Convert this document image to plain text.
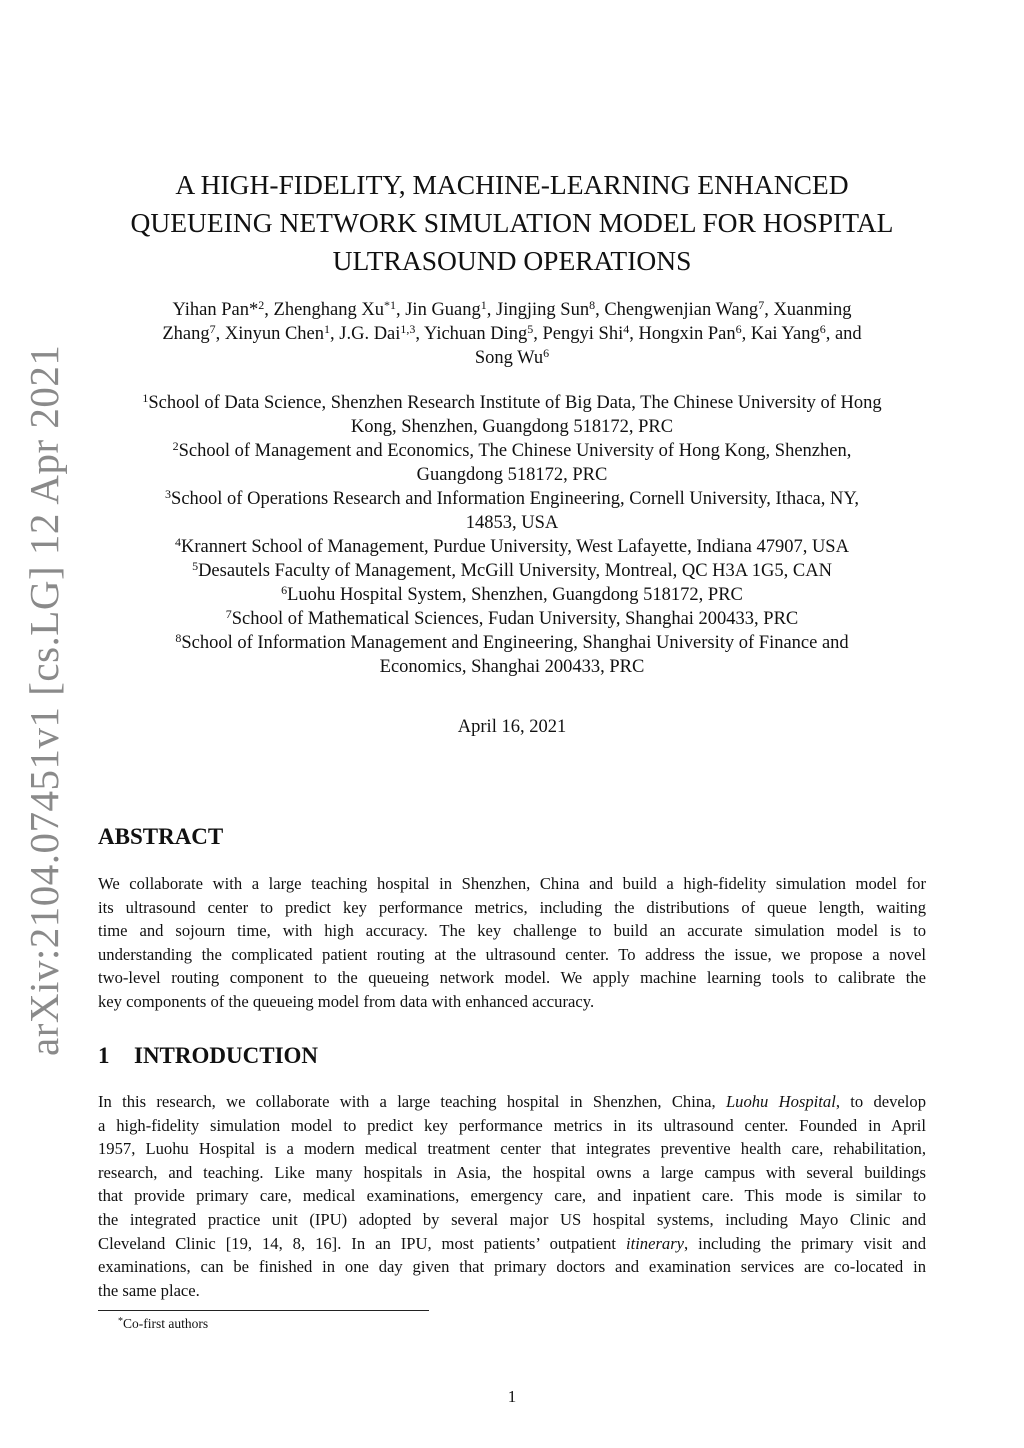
arXiv:2104.07451v1 [cs.LG] 12 Apr 2021
A HIGH-FIDELITY, MACHINE-LEARNING ENHANCED
QUEUEING NETWORK SIMULATION MODEL FOR HOSPITAL
ULTRASOUND OPERATIONS
Yihan Pan*$^2$, Zhenghang Xu$^{*1}$, Jin Guang$^1$, Jingjing Sun$^8$, Chengwenjian Wang$^7$, Xuanming
Zhang$^7$, Xinyun Chen$^1$, J.G. Dai$^{1,3}$, Yichuan Ding$^5$, Pengyi Shi$^4$, Hongxin Pan$^6$, Kai Yang$^6$, and
Song Wu$^6$
$^1$School of Data Science, Shenzhen Research Institute of Big Data, The Chinese University of Hong
Kong, Shenzhen, Guangdong 518172, PRC
$^2$School of Management and Economics, The Chinese University of Hong Kong, Shenzhen,
Guangdong 518172, PRC
$^3$School of Operations Research and Information Engineering, Cornell University, Ithaca, NY,
14853, USA
$^4$Krannert School of Management, Purdue University, West Lafayette, Indiana 47907, USA
$^5$Desautels Faculty of Management, McGill University, Montreal, QC H3A 1G5, CAN
$^6$Luohu Hospital System, Shenzhen, Guangdong 518172, PRC
$^7$School of Mathematical Sciences, Fudan University, Shanghai 200433, PRC
$^8$School of Information Management and Engineering, Shanghai University of Finance and
Economics, Shanghai 200433, PRC
April 16, 2021
ABSTRACT
We collaborate with a large teaching hospital in Shenzhen, China and build a high-fidelity simulation model for
its ultrasound center to predict key performance metrics, including the distributions of queue length, waiting
time and sojourn time, with high accuracy. The key challenge to build an accurate simulation model is to
understanding the complicated patient routing at the ultrasound center. To address the issue, we propose a novel
two-level routing component to the queueing network model. We apply machine learning tools to calibrate the
key components of the queueing model from data with enhanced accuracy.
1 INTRODUCTION
In this research, we collaborate with a large teaching hospital in Shenzhen, China, Luohu Hospital, to develop
a high-fidelity simulation model to predict key performance metrics in its ultrasound center. Founded in April
1957, Luohu Hospital is a modern medical treatment center that integrates preventive health care, rehabilitation,
research, and teaching. Like many hospitals in Asia, the hospital owns a large campus with several buildings
that provide primary care, medical examinations, emergency care, and inpatient care. This mode is similar to
the integrated practice unit (IPU) adopted by several major US hospital systems, including Mayo Clinic and
Cleveland Clinic [19, 14, 8, 16]. In an IPU, most patients’ outpatient itinerary, including the primary visit and
examinations, can be finished in one day given that primary doctors and examination services are co-located in
the same place.
*Co-first authors
1
